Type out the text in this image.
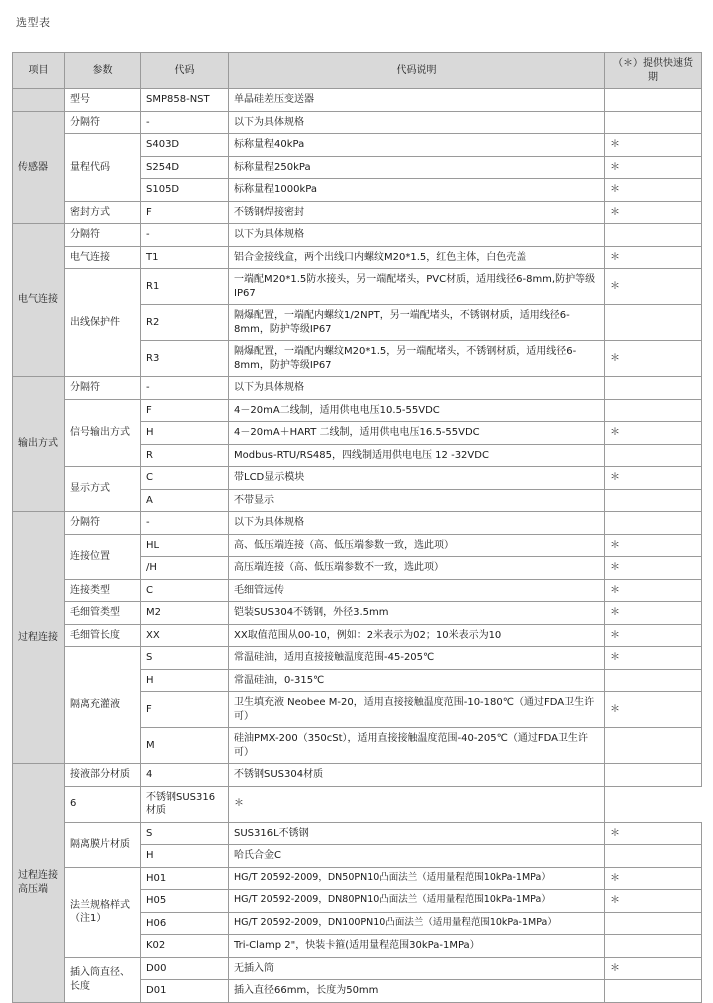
选型表
项目	参数	代码	代码说明	（＊）提供快速货期
	型号	SMP858-NST	单晶硅差压变送器	
传感器	分隔符	-	以下为具体规格	
	量程代码	S403D	标称量程40kPa	＊
		S254D	标称量程250kPa	＊
		S105D	标称量程1000kPa	＊
	密封方式	F	不锈钢焊接密封	＊
电气连接	分隔符	-	以下为具体规格	
	电气连接	T1	铝合金接线盒，两个出线口内螺纹M20*1.5，红色主体，白色壳盖	＊
	出线保护件	R1	一端配M20*1.5防水接头，另一端配堵头，PVC材质，适用线径6-8mm,防护等级IP67	＊
		R2	隔爆配置，一端配内螺纹1/2NPT，另一端配堵头，不锈钢材质，适用线径6-8mm，防护等级IP67	
		R3	隔爆配置，一端配内螺纹M20*1.5，另一端配堵头，不锈钢材质，适用线径6-8mm，防护等级IP67	＊
输出方式	分隔符	-	以下为具体规格	
	信号输出方式	F	4－20mA二线制，适用供电电压10.5-55VDC	
		H	4－20mA＋HART 二线制，适用供电电压16.5-55VDC	＊
		R	Modbus-RTU/RS485，四线制适用供电电压 12 -32VDC	
	显示方式	C	带LCD显示模块	＊
		A	不带显示	
过程连接	分隔符	-	以下为具体规格	
	连接位置	HL	高、低压端连接（高、低压端参数一致，选此项）	＊
		/H	高压端连接（高、低压端参数不一致，选此项）	＊
	连接类型	C	毛细管远传	＊
	毛细管类型	M2	铠装SUS304不锈钢，外径3.5mm	＊
	毛细管长度	XX	XX取值范围从00-10，例如：2米表示为02；10米表示为10	＊
	隔离充灌液	S	常温硅油，适用直接接触温度范围-45-205℃	＊
		H	常温硅油，0-315℃	
		F	卫生填充液 Neobee M-20，适用直接接触温度范围-10-180℃（通过FDA卫生许可）	＊
		M	硅油PMX-200（350cSt），适用直接接触温度范围-40-205℃（通过FDA卫生许可）	
过程连接高压端	接液部分材质	4	不锈钢SUS304材质	
	6	不锈钢SUS316材质	＊	
	隔离膜片材质	S	SUS316L不锈钢	＊
		H	哈氏合金C	
	法兰规格样式（注1）	H01	HG/T 20592-2009，DN50PN10凸面法兰（适用量程范围10kPa-1MPa）	＊
		H05	HG/T 20592-2009，DN80PN10凸面法兰（适用量程范围10kPa-1MPa）	＊
		H06	HG/T 20592-2009，DN100PN10凸面法兰（适用量程范围10kPa-1MPa）	
		K02	Tri-Clamp 2"，快装卡箍(适用量程范围30kPa-1MPa）	
	插入筒直径、长度	D00	无插入筒	＊
		D01	插入直径66mm，长度为50mm	
